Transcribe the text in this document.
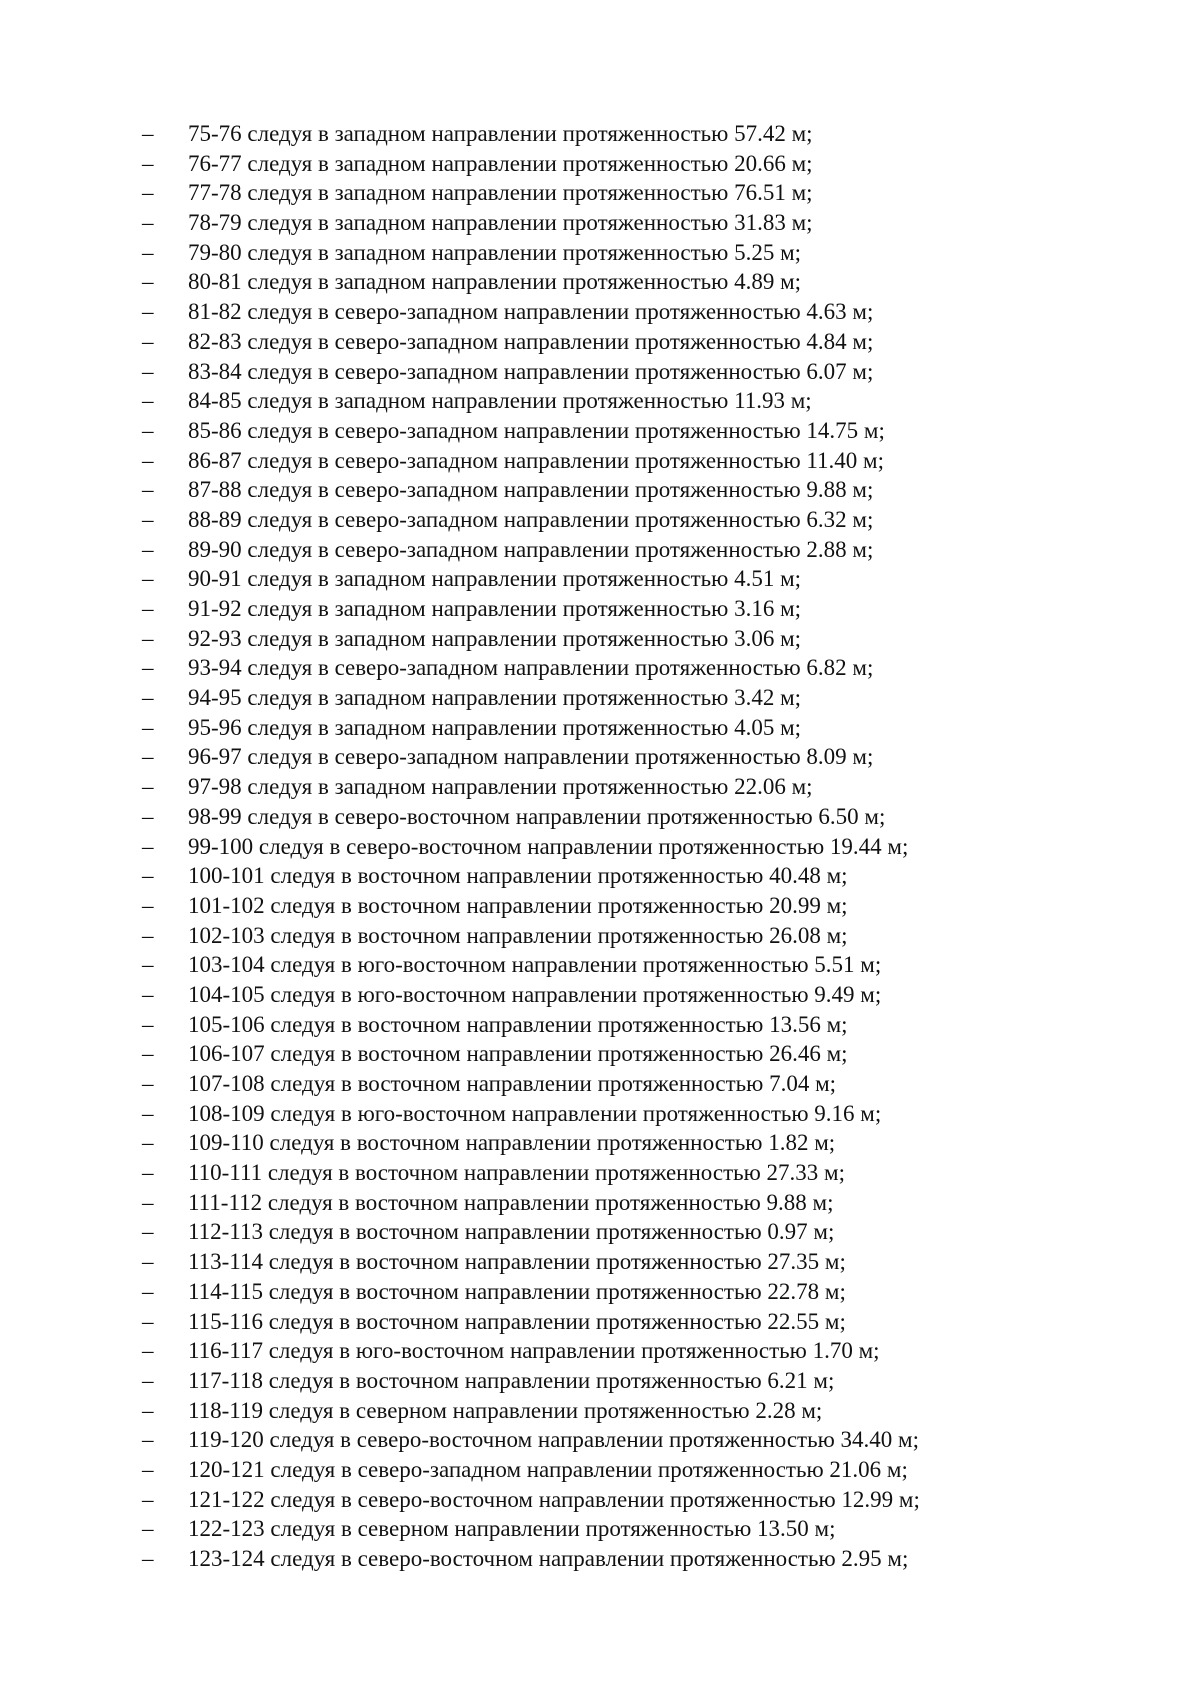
–	75-76 следуя в западном направлении протяженностью 57.42 м;
–	76-77 следуя в западном направлении протяженностью 20.66 м;
–	77-78 следуя в западном направлении протяженностью 76.51 м;
–	78-79 следуя в западном направлении протяженностью 31.83 м;
–	79-80 следуя в западном направлении протяженностью 5.25 м;
–	80-81 следуя в западном направлении протяженностью 4.89 м;
–	81-82 следуя в северо-западном направлении протяженностью 4.63 м;
–	82-83 следуя в северо-западном направлении протяженностью 4.84 м;
–	83-84 следуя в северо-западном направлении протяженностью 6.07 м;
–	84-85 следуя в западном направлении протяженностью 11.93 м;
–	85-86 следуя в северо-западном направлении протяженностью 14.75 м;
–	86-87 следуя в северо-западном направлении протяженностью 11.40 м;
–	87-88 следуя в северо-западном направлении протяженностью 9.88 м;
–	88-89 следуя в северо-западном направлении протяженностью 6.32 м;
–	89-90 следуя в северо-западном направлении протяженностью 2.88 м;
–	90-91 следуя в западном направлении протяженностью 4.51 м;
–	91-92 следуя в западном направлении протяженностью 3.16 м;
–	92-93 следуя в западном направлении протяженностью 3.06 м;
–	93-94 следуя в северо-западном направлении протяженностью 6.82 м;
–	94-95 следуя в западном направлении протяженностью 3.42 м;
–	95-96 следуя в западном направлении протяженностью 4.05 м;
–	96-97 следуя в северо-западном направлении протяженностью 8.09 м;
–	97-98 следуя в западном направлении протяженностью 22.06 м;
–	98-99 следуя в северо-восточном направлении протяженностью 6.50 м;
–	99-100 следуя в северо-восточном направлении протяженностью 19.44 м;
–	100-101 следуя в восточном направлении протяженностью 40.48 м;
–	101-102 следуя в восточном направлении протяженностью 20.99 м;
–	102-103 следуя в восточном направлении протяженностью 26.08 м;
–	103-104 следуя в юго-восточном направлении протяженностью 5.51 м;
–	104-105 следуя в юго-восточном направлении протяженностью 9.49 м;
–	105-106 следуя в восточном направлении протяженностью 13.56 м;
–	106-107 следуя в восточном направлении протяженностью 26.46 м;
–	107-108 следуя в восточном направлении протяженностью 7.04 м;
–	108-109 следуя в юго-восточном направлении протяженностью 9.16 м;
–	109-110 следуя в восточном направлении протяженностью 1.82 м;
–	110-111 следуя в восточном направлении протяженностью 27.33 м;
–	111-112 следуя в восточном направлении протяженностью 9.88 м;
–	112-113 следуя в восточном направлении протяженностью 0.97 м;
–	113-114 следуя в восточном направлении протяженностью 27.35 м;
–	114-115 следуя в восточном направлении протяженностью 22.78 м;
–	115-116 следуя в восточном направлении протяженностью 22.55 м;
–	116-117 следуя в юго-восточном направлении протяженностью 1.70 м;
–	117-118 следуя в восточном направлении протяженностью 6.21 м;
–	118-119 следуя в северном направлении протяженностью 2.28 м;
–	119-120 следуя в северо-восточном направлении протяженностью 34.40 м;
–	120-121 следуя в северо-западном направлении протяженностью 21.06 м;
–	121-122 следуя в северо-восточном направлении протяженностью 12.99 м;
–	122-123 следуя в северном направлении протяженностью 13.50 м;
–	123-124 следуя в северо-восточном направлении протяженностью 2.95 м;
